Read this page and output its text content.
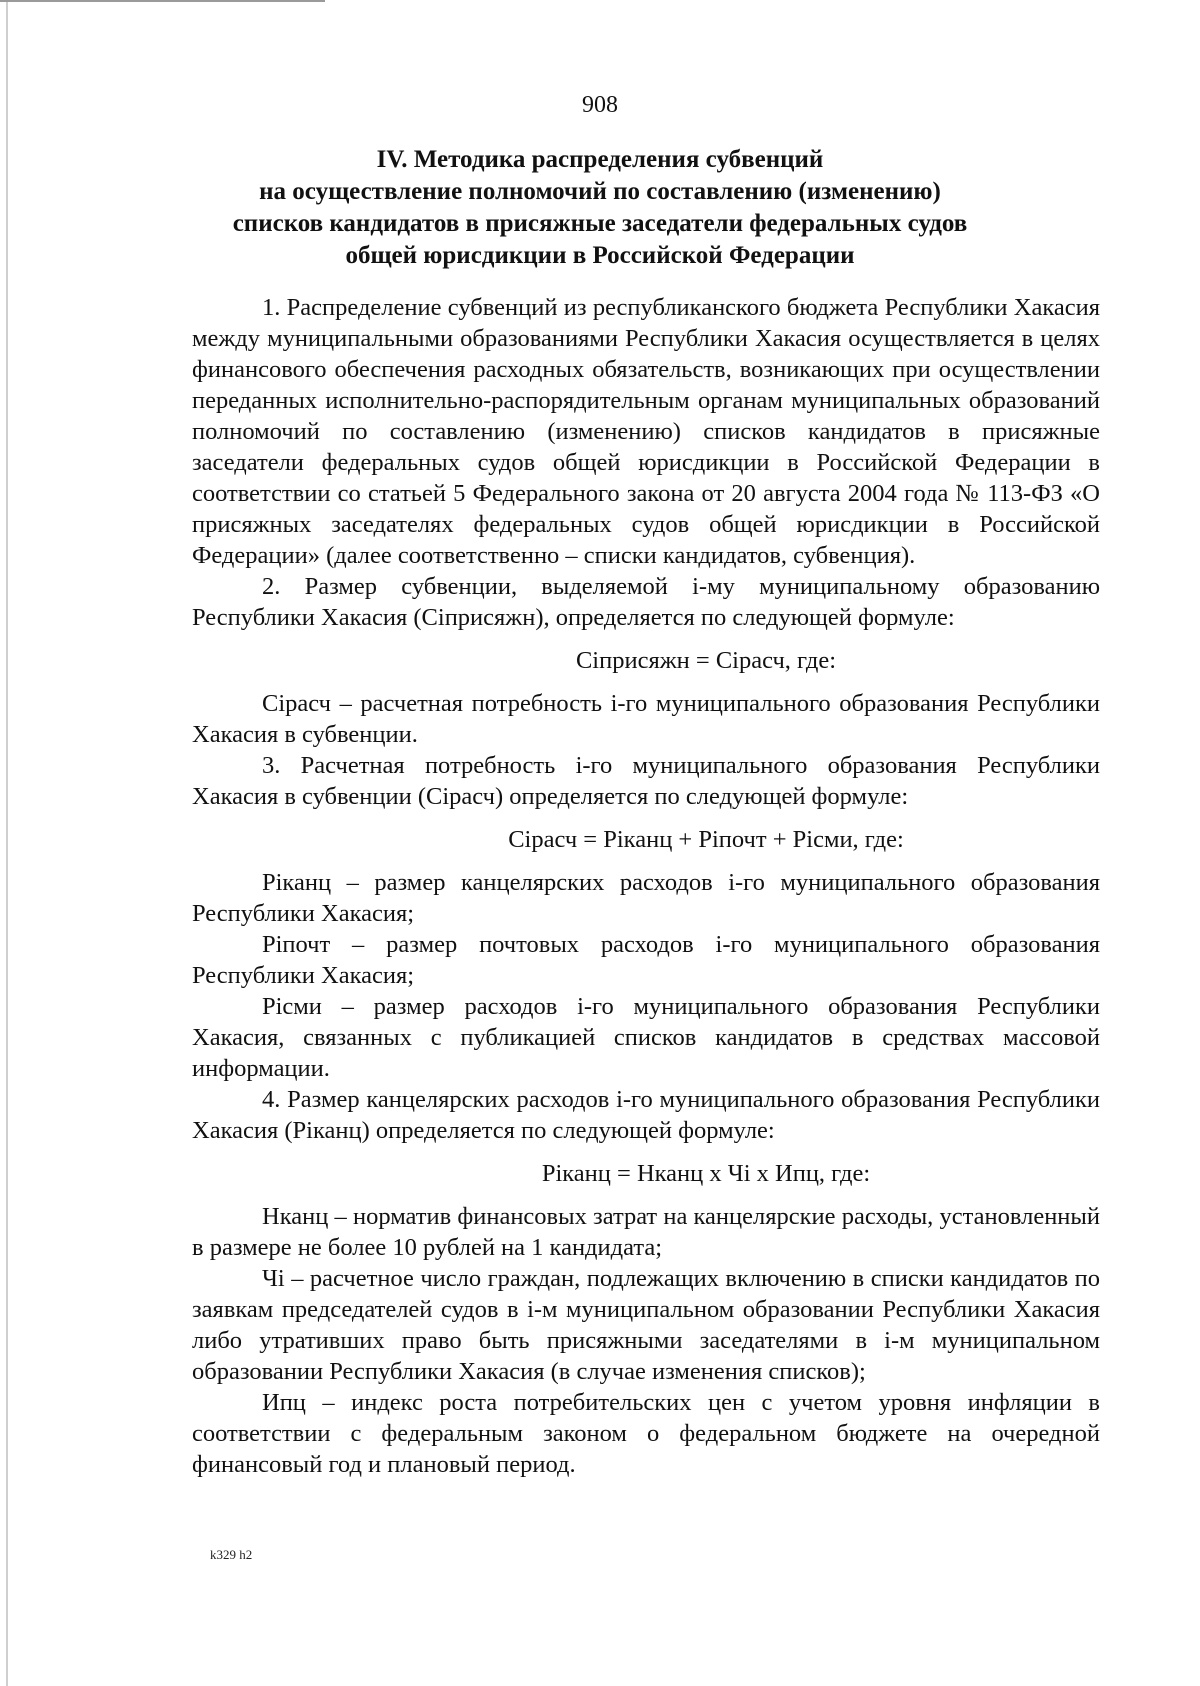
908
IV. Методика распределения субвенций
на осуществление полномочий по составлению (изменению)
списков кандидатов в присяжные заседатели федеральных судов
общей юрисдикции в Российской Федерации

1. Распределение субвенций из республиканского бюджета Республики Хакасия между муниципальными образованиями Республики Хакасия осуществляется в целях финансового обеспечения расходных обязательств, возникающих при осуществлении переданных исполнительно-распорядительным органам муниципальных образований полномочий по составлению (изменению) списков кандидатов в присяжные заседатели федеральных судов общей юрисдикции в Российской Федерации в соответствии со статьей 5 Федерального закона от 20 августа 2004 года № 113-ФЗ «О присяжных заседателях федеральных судов общей юрисдикции в Российской Федерации» (далее соответственно – списки кандидатов, субвенция).

2. Размер субвенции, выделяемой i-му муниципальному образованию Республики Хакасия (Сiприсяжн), определяется по следующей формуле:

Сiприсяжн = Сiрасч, где:

Сiрасч – расчетная потребность i-го муниципального образования Республики Хакасия в субвенции.

3. Расчетная потребность i-го муниципального образования Республики Хакасия в субвенции (Сiрасч) определяется по следующей формуле:

Сiрасч = Рiканц + Рiпочт + Рiсми, где:

Рiканц – размер канцелярских расходов i-го муниципального образования Республики Хакасия;

Рiпочт – размер почтовых расходов i-го муниципального образования Республики Хакасия;

Рiсми – размер расходов i-го муниципального образования Республики Хакасия, связанных с публикацией списков кандидатов в средствах массовой информации.

4. Размер канцелярских расходов i-го муниципального образования Республики Хакасия (Рiканц) определяется по следующей формуле:

Рiканц = Нканц х Чi х Ипц, где:

Нканц – норматив финансовых затрат на канцелярские расходы, установленный в размере не более 10 рублей на 1 кандидата;

Чi – расчетное число граждан, подлежащих включению в списки кандидатов по заявкам председателей судов в i-м муниципальном образовании Республики Хакасия либо утративших право быть присяжными заседателями в i-м муниципальном образовании Республики Хакасия (в случае изменения списков);

Ипц – индекс роста потребительских цен с учетом уровня инфляции в соответствии с федеральным законом о федеральном бюджете на очередной финансовый год и плановый период.

k329 h2
